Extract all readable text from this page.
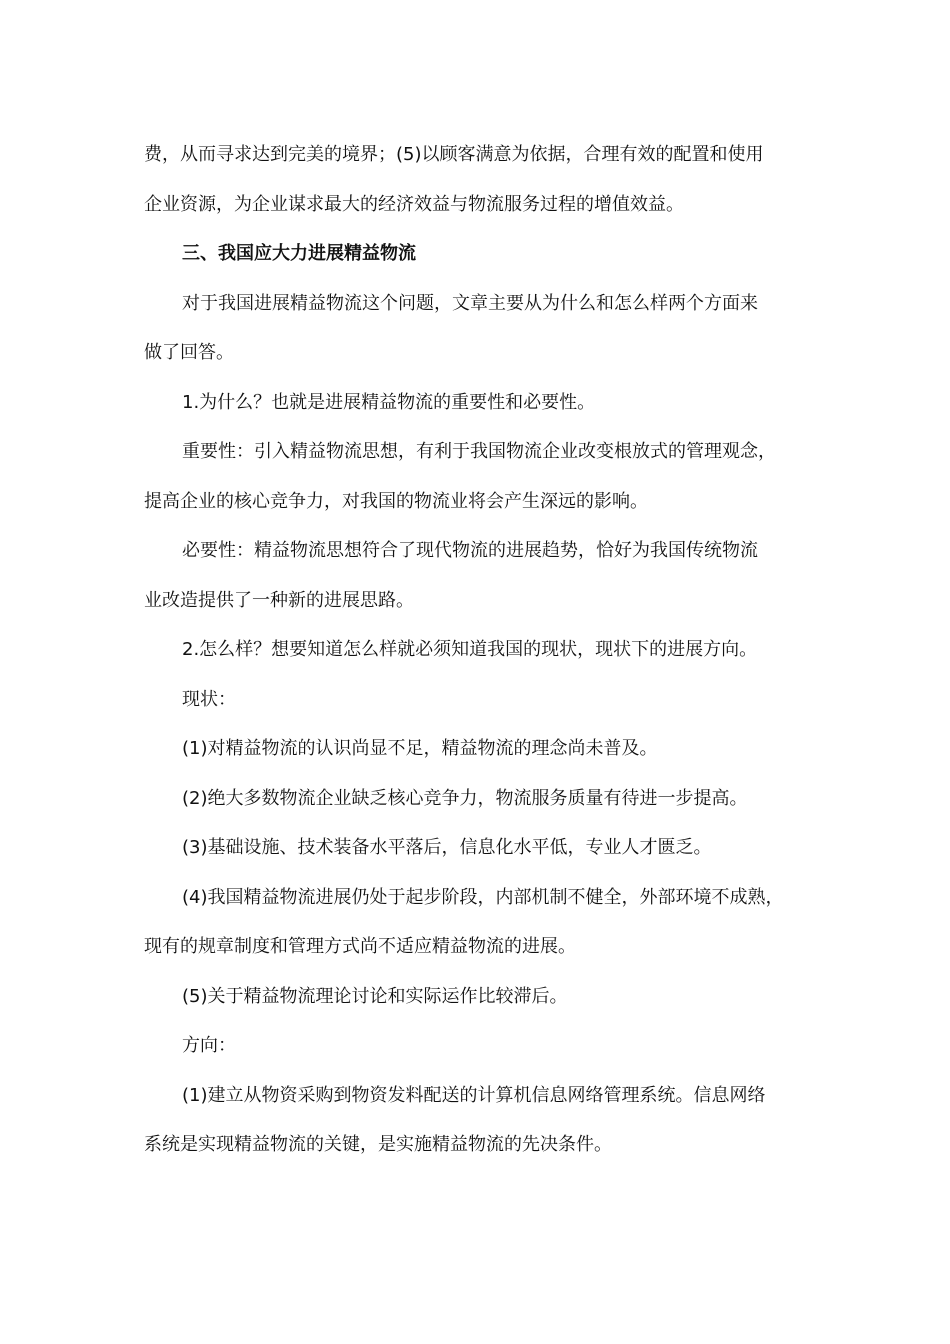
费，从而寻求达到完美的境界；(5)以顾客满意为依据，合理有效的配置和使用

企业资源，为企业谋求最大的经济效益与物流服务过程的增值效益。

三、我国应大力进展精益物流

对于我国进展精益物流这个问题，文章主要从为什么和怎么样两个方面来

做了回答。

1.为什么？也就是进展精益物流的重要性和必要性。

重要性：引入精益物流思想，有利于我国物流企业改变根放式的管理观念，

提高企业的核心竞争力，对我国的物流业将会产生深远的影响。

必要性：精益物流思想符合了现代物流的进展趋势，恰好为我国传统物流

业改造提供了一种新的进展思路。

2.怎么样？想要知道怎么样就必须知道我国的现状，现状下的进展方向。

现状：

(1)对精益物流的认识尚显不足，精益物流的理念尚未普及。

(2)绝大多数物流企业缺乏核心竞争力，物流服务质量有待进一步提高。

(3)基础设施、技术装备水平落后，信息化水平低，专业人才匮乏。

(4)我国精益物流进展仍处于起步阶段，内部机制不健全，外部环境不成熟，

现有的规章制度和管理方式尚不适应精益物流的进展。

(5)关于精益物流理论讨论和实际运作比较滞后。

方向：

(1)建立从物资采购到物资发料配送的计算机信息网络管理系统。信息网络

系统是实现精益物流的关键，是实施精益物流的先决条件。
